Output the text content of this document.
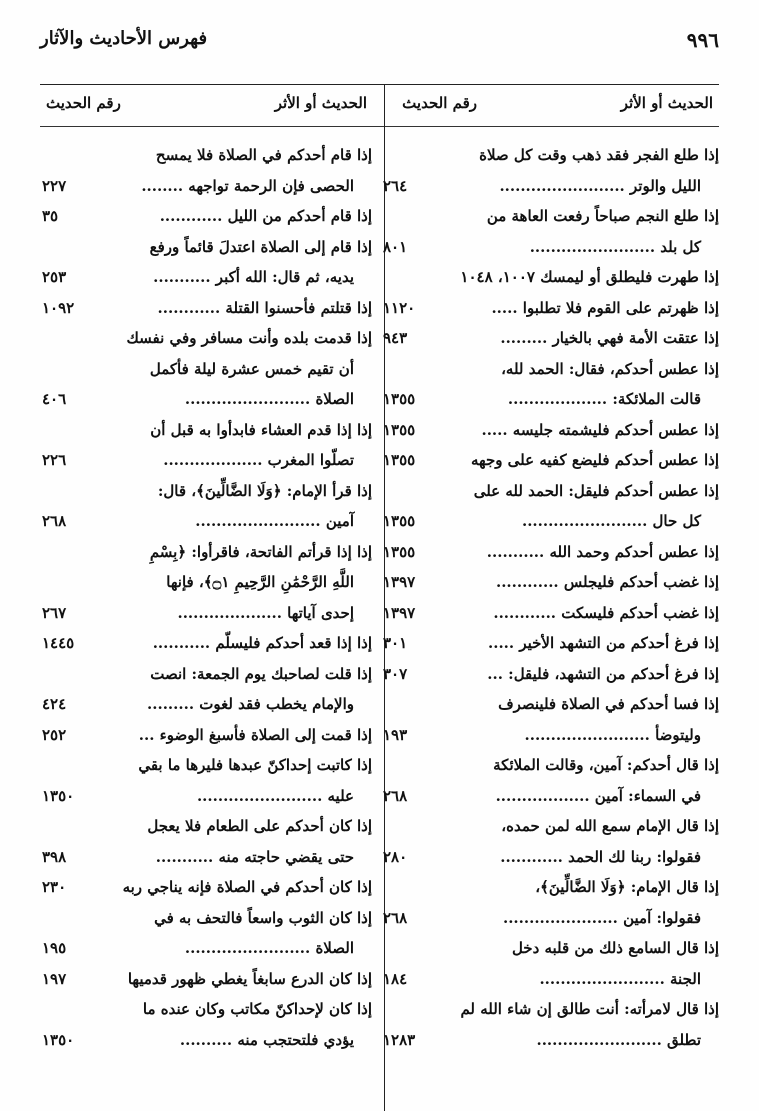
٩٩٦
فهرس الأحاديث والآثار
الحديث أو الأثر
رقم الحديث
الحديث أو الأثر
رقم الحديث
إذا طلع الفجر فقد ذهب وقت كل صلاة
الليل والوتر ........................
٢٦٤
إذا طلع النجم صباحاً رفعت العاهة من
كل بلد ........................
٨٠١
إذا طهرت فليطلق أو ليمسك ١٠٠٧، ١٠٤٨
إذا ظهرتم على القوم فلا تطلبوا .....
١١٢٠
إذا عتقت الأمة فهي بالخيار .........
٩٤٣
إذا عطس أحدكم، فقال: الحمد لله،
قالت الملائكة: ...................
١٣٥٥
إذا عطس أحدكم فليشمته جليسه .....
١٣٥٥
إذا عطس أحدكم فليضع كفيه على وجهه
١٣٥٥
إذا عطس أحدكم فليقل: الحمد لله على
كل حال ........................
١٣٥٥
إذا عطس أحدكم وحمد الله ...........
١٣٥٥
إذا غضب أحدكم فليجلس ............
١٣٩٧
إذا غضب أحدكم فليسكت ............
١٣٩٧
إذا فرغ أحدكم من التشهد الأخير .....
٣٠١
إذا فرغ أحدكم من التشهد، فليقل: ...
٣٠٧
إذا فسا أحدكم في الصلاة فلينصرف
وليتوضأ ........................
١٩٣
إذا قال أحدكم: آمين، وقالت الملائكة
في السماء: آمين ..................
٢٦٨
إذا قال الإمام سمع الله لمن حمده،
فقولوا: ربنا لك الحمد ............
٢٨٠
إذا قال الإمام: ﴿وَلَا الضَّالِّينَ﴾،
فقولوا: آمين ......................
٢٦٨
إذا قال السامع ذلك من قلبه دخل
الجنة ........................
١٨٤
إذا قال لامرأته: أنت طالق إن شاء الله لم
تطلق ........................
١٢٨٣
إذا قام أحدكم في الصلاة فلا يمسح
الحصى فإن الرحمة تواجهه ........
٢٢٧
إذا قام أحدكم من الليل ............
٣٥
إذا قام إلى الصلاة اعتدلَ قائماً ورفع
يديه، ثم قال: الله أكبر ...........
٢٥٣
إذا قتلتم فأحسنوا القتلة ............
١٠٩٢
إذا قدمت بلده وأنت مسافر وفي نفسك
أن تقيم خمس عشرة ليلة فأكمل
الصلاة ........................
٤٠٦
إذا إذا قدم العشاء فابدأوا به قبل أن
تصلّوا المغرب ...................
٢٢٦
إذا قرأ الإمام: ﴿وَلَا الضَّالِّينَ﴾، قال:
آمين ........................
٢٦٨
إذا إذا قرأتم الفاتحة، فاقرأوا: ﴿بِسْمِ
اللَّهِ الرَّحْمَٰنِ الرَّحِيمِ ۝١﴾، فإنها
إحدى آياتها ....................
٢٦٧
إذا إذا قعد أحدكم فليسلّم ...........
١٤٤٥
إذا قلت لصاحبك يوم الجمعة: انصت
والإمام يخطب فقد لغوت .........
٤٢٤
إذا قمت إلى الصلاة فأسبغ الوضوء ...
٢٥٢
إذا كاتبت إحداكنّ عبدها فليرها ما بقي
عليه ........................
١٣٥٠
إذا كان أحدكم على الطعام فلا يعجل
حتى يقضي حاجته منه ...........
٣٩٨
إذا كان أحدكم في الصلاة فإنه يناجي ربه
٢٣٠
إذا كان الثوب واسعاً فالتحف به في
الصلاة ........................
١٩٥
إذا كان الدرع سابغاً يغطي ظهور قدميها
١٩٧
إذا كان لإحداكنّ مكاتب وكان عنده ما
يؤدي فلتحتجب منه ..........
١٣٥٠
